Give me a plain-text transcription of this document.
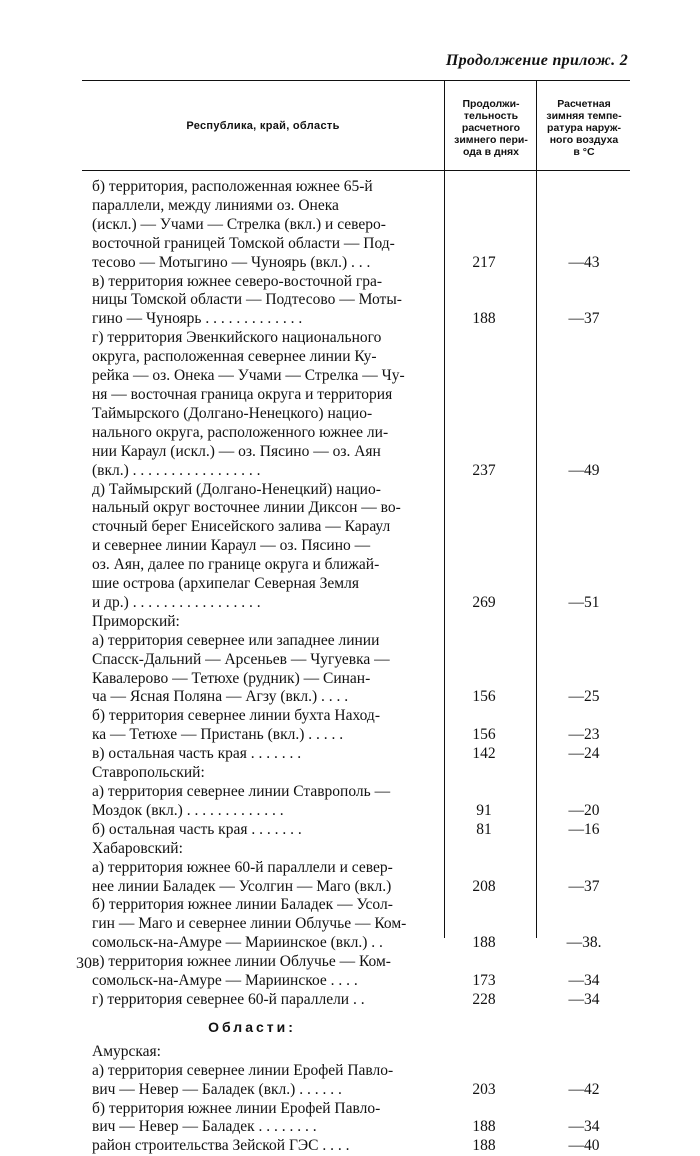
Продолжение прилож. 2
Республика, край, область
Продолжи-
тельность
расчетного
зимнего пери-
ода в днях
Расчетная
зимняя темпе-
ратура наруж-
ного воздуха
в °С
б) территория, расположенная южнее 65-й
параллели, между линиями оз. Онека
(искл.) — Учами — Стрелка (вкл.) и северо-
восточной границей Томской области — Под-
тесово — Мотыгино — Чуноярь (вкл.) . . .	217	—43
в) территория южнее северо-восточной гра-
ницы Томской области — Подтесово — Моты-
гино — Чуноярь . . . . . . . . . . . . .	188	—37
г) территория Эвенкийского национального
округа, расположенная севернее линии Ку-
рейка — оз. Онека — Учами — Стрелка — Чу-
ня — восточная граница округа и территория
Таймырского (Долгано-Ненецкого) нацио-
нального округа, расположенного южнее ли-
нии Караул (искл.) — оз. Пясино — оз. Аян
(вкл.) . . . . . . . . . . . . . . . . .	237	—49
д) Таймырский (Долгано-Ненецкий) нацио-
нальный округ восточнее линии Диксон — во-
сточный берег Енисейского залива — Караул
и севернее линии Караул — оз. Пясино —
оз. Аян, далее по границе округа и ближай-
шие острова (архипелаг Северная Земля
и др.) . . . . . . . . . . . . . . . . .	269	—51
Приморский:
а) территория севернее или западнее линии
Спасск-Дальний — Арсеньев — Чугуевка —
Кавалерово — Тетюхе (рудник) — Синан-
ча — Ясная Поляна — Агзу (вкл.) . . . .	156	—25
б) территория севернее линии бухта Наход-
ка — Тетюхе — Пристань (вкл.) . . . . .	156	—23
в) остальная часть края . . . . . . .	142	—24
Ставропольский:
а) территория севернее линии Ставрополь —
Моздок (вкл.) . . . . . . . . . . . . .	91	—20
б) остальная часть края . . . . . . .	81	—16
Хабаровский:
а) территория южнее 60-й параллели и север-
нее линии Баладек — Усолгин — Маго (вкл.)	208	—37
б) территория южнее линии Баладек — Усол-
гин — Маго и севернее линии Облучье — Ком-
сомольск-на-Амуре — Мариинское (вкл.) . .	188	—38.
в) территория южнее линии Облучье — Ком-
сомольск-на-Амуре — Мариинское . . . .	173	—34
г) территория севернее 60-й параллели . .	228	—34
Области:
Амурская:
а) территория севернее линии Ерофей Павло-
вич — Невер — Баладек (вкл.) . . . . . .	203	—42
б) территория южнее линии Ерофей Павло-
вич — Невер — Баладек . . . . . . . .	188	—34
район строительства Зейской ГЭС . . . .	188	—40
30
